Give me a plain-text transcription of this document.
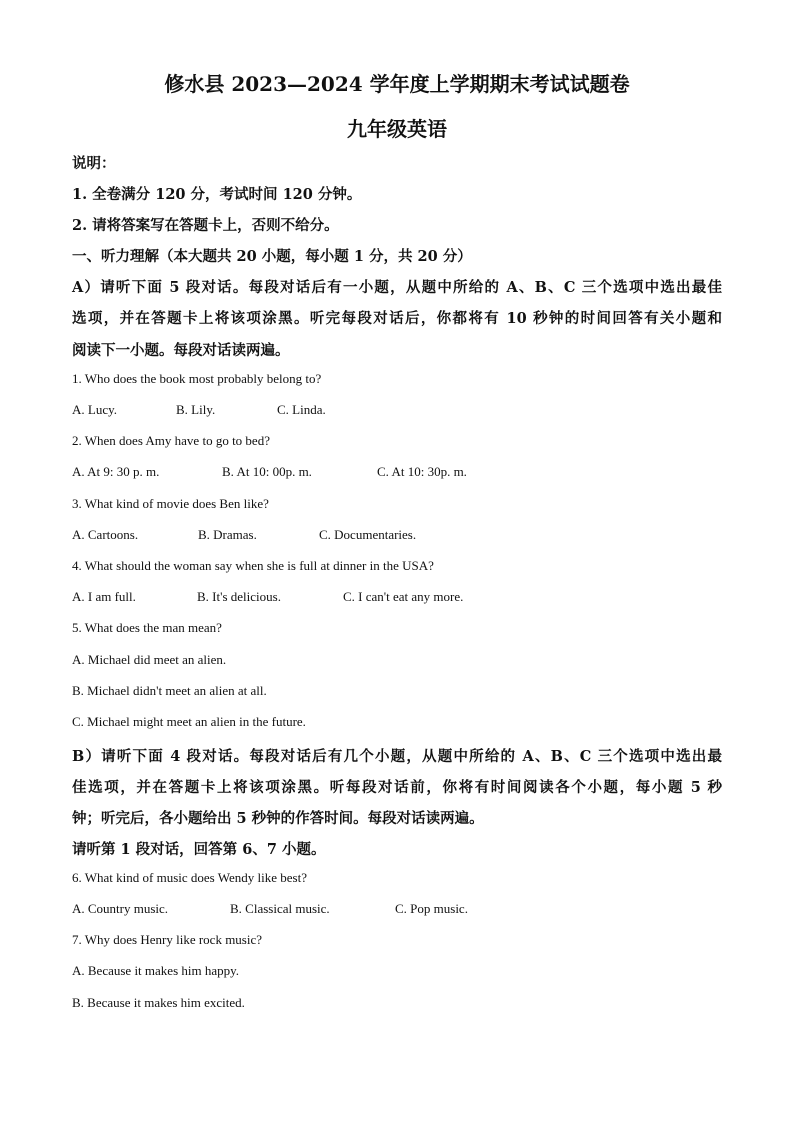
修水县 2023—2024 学年度上学期期末考试试题卷
九年级英语
说明：
1. 全卷满分 120 分，考试时间 120 分钟。
2. 请将答案写在答题卡上，否则不给分。
一、听力理解（本大题共 20 小题，每小题 1 分，共 20 分）
A）请听下面 5 段对话。每段对话后有一小题，从题中所给的 A、B、C 三个选项中选出最佳
选项，并在答题卡上将该项涂黑。听完每段对话后，你都将有 10 秒钟的时间回答有关小题和
阅读下一小题。每段对话读两遍。
1. Who does the book most probably belong to?
A. Lucy.	B. Lily.	C. Linda.
2. When does Amy have to go to bed?
A. At 9: 30 p. m.	B. At 10: 00p. m.	C. At 10: 30p. m.
3. What kind of movie does Ben like?
A. Cartoons.	B. Dramas.	C. Documentaries.
4. What should the woman say when she is full at dinner in the USA?
A. I am full.	B. It's delicious.	C. I can't eat any more.
5. What does the man mean?
A. Michael did meet an alien.
B. Michael didn't meet an alien at all.
C. Michael might meet an alien in the future.
B）请听下面 4 段对话。每段对话后有几个小题，从题中所给的 A、B、C 三个选项中选出最
佳选项，并在答题卡上将该项涂黑。听每段对话前，你将有时间阅读各个小题，每小题 5 秒
钟；听完后，各小题给出 5 秒钟的作答时间。每段对话读两遍。
请听第 1 段对话，回答第 6、7 小题。
6. What kind of music does Wendy like best?
A. Country music.	B. Classical music.	C. Pop music.
7. Why does Henry like rock music?
A. Because it makes him happy.
B. Because it makes him excited.
